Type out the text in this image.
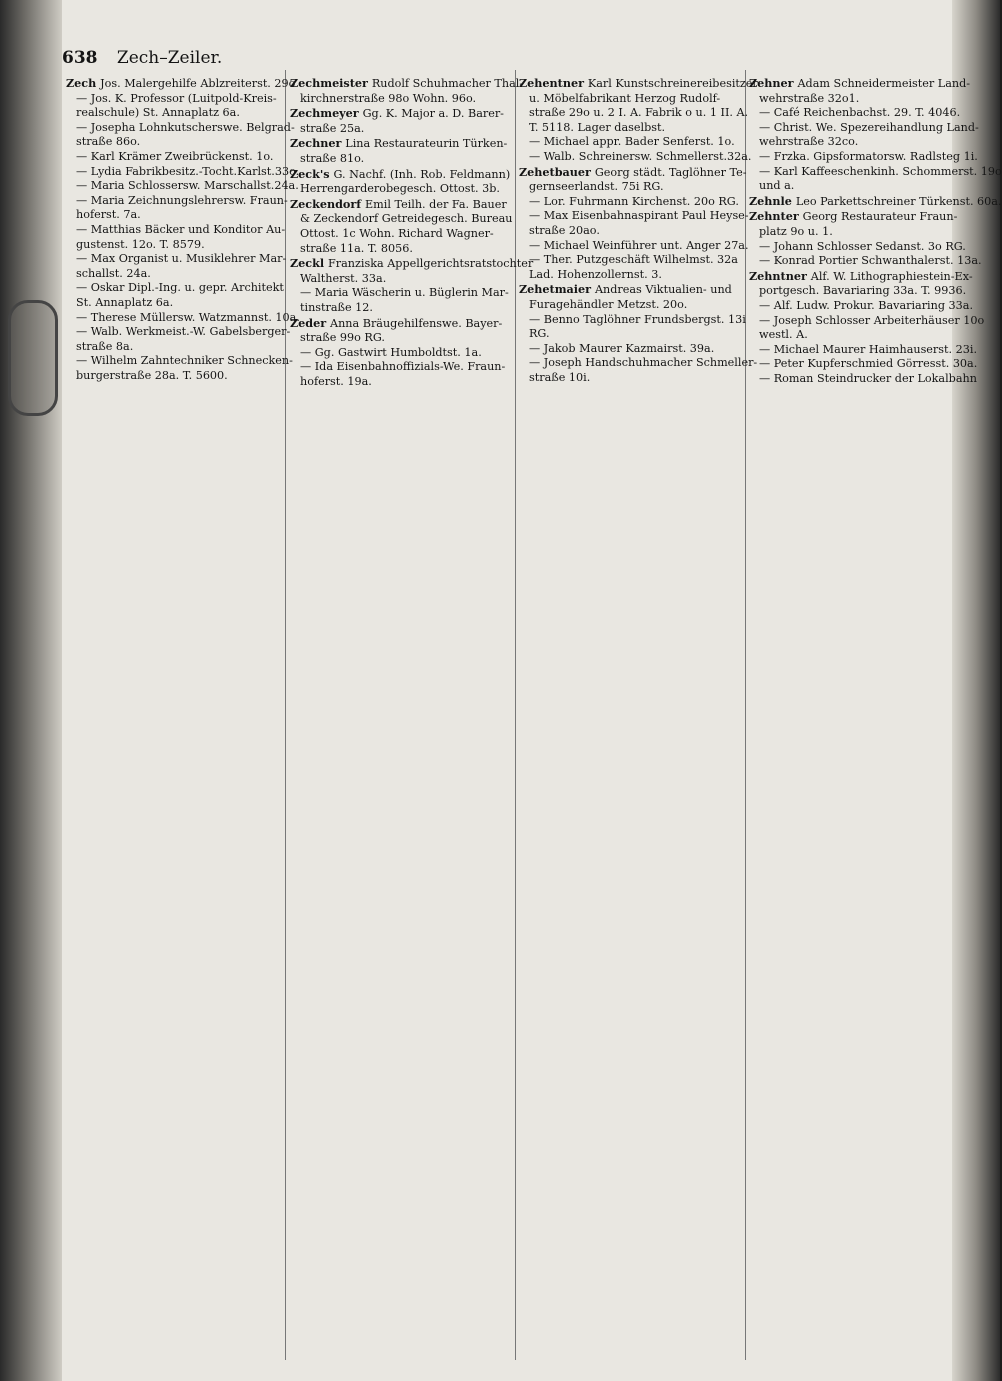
638 Zech–Zeiler.
Zech Jos. Malergehilfe Ablzreiterst. 29o
— Jos. K. Professor (Luitpold-Kreis-
realschule) St. Annaplatz 6a.
— Josepha Lohnkutscherswe. Belgrad-
straße 86o.
— Karl Krämer Zweibrückenst. 1o.
— Lydia Fabrikbesitz.-Tocht.Karlst.33o.
— Maria Schlossersw. Marschallst.24a.
— Maria Zeichnungslehrersw. Fraun-
hoferst. 7a.
— Matthias Bäcker und Konditor Au-
gustenst. 12o. T. 8579.
— Max Organist u. Musiklehrer Mar-
schallst. 24a.
— Oskar Dipl.-Ing. u. gepr. Architekt
St. Annaplatz 6a.
— Therese Müllersw. Watzmannst. 10a.
— Walb. Werkmeist.-W. Gabelsberger-
straße 8a.
— Wilhelm Zahntechniker Schnecken-
burgerstraße 28a. T. 5600.
Zechmeister Rudolf Schuhmacher Thal-
kirchnerstraße 98o Wohn. 96o.
Zechmeyer Gg. K. Major a. D. Barer-
straße 25a.
Zechner Lina Restaurateurin Türken-
straße 81o.
Zeck's G. Nachf. (Inh. Rob. Feldmann)
Herrengarderobegesch. Ottost. 3b.
Zeckendorf Emil Teilh. der Fa. Bauer
& Zeckendorf Getreidegesch. Bureau
Ottost. 1c Wohn. Richard Wagner-
straße 11a. T. 8056.
Zeckl Franziska Appellgerichtsratstochter
Waltherst. 33a.
— Maria Wäscherin u. Büglerin Mar-
tinstraße 12.
Zeder Anna Bräugehilfenswe. Bayer-
straße 99o RG.
— Gg. Gastwirt Humboldtst. 1a.
— Ida Eisenbahnoffizials-We. Fraun-
hoferst. 19a.
Zehentner Karl Kunstschreinereibesitzer
u. Möbelfabrikant Herzog Rudolf-
straße 29o u. 2 I. A. Fabrik o u. 1 II. A.
T. 5118. Lager daselbst.
— Michael appr. Bader Senferst. 1o.
— Walb. Schreinersw. Schmellerst.32a.
Zehetbauer Georg städt. Taglöhner Te-
gernseerlandst. 75i RG.
— Lor. Fuhrmann Kirchenst. 20o RG.
— Max Eisenbahnaspirant Paul Heyse-
straße 20ao.
— Michael Weinführer unt. Anger 27a.
— Ther. Putzgeschäft Wilhelmst. 32a
Lad. Hohenzollernst. 3.
Zehetmaier Andreas Viktualien- und
Furagehändler Metzst. 20o.
— Benno Taglöhner Frundsbergst. 13i
RG.
— Jakob Maurer Kazmairst. 39a.
— Joseph Handschuhmacher Schmeller-
straße 10i.
Zehner Adam Schneidermeister Land-
wehrstraße 32o1.
— Café Reichenbachst. 29. T. 4046.
— Christ. We. Spezereihandlung Land-
wehrstraße 32co.
— Frzka. Gipsformatorsw. Radlsteg 1i.
— Karl Kaffeeschenkinh. Schommerst. 19o
und a.
Zehnle Leo Parkettschreiner Türkenst. 60a.
Zehnter Georg Restaurateur Fraun-
platz 9o u. 1.
— Johann Schlosser Sedanst. 3o RG.
— Konrad Portier Schwanthalerst. 13a.
Zehntner Alf. W. Lithographiestein-Ex-
portgesch. Bavariaring 33a. T. 9936.
— Alf. Ludw. Prokur. Bavariaring 33a.
— Joseph Schlosser Arbeiterhäuser 10o
westl. A.
— Michael Maurer Haimhauserst. 23i.
— Peter Kupferschmied Görresst. 30a.
— Roman Steindrucker der Lokalbahn
